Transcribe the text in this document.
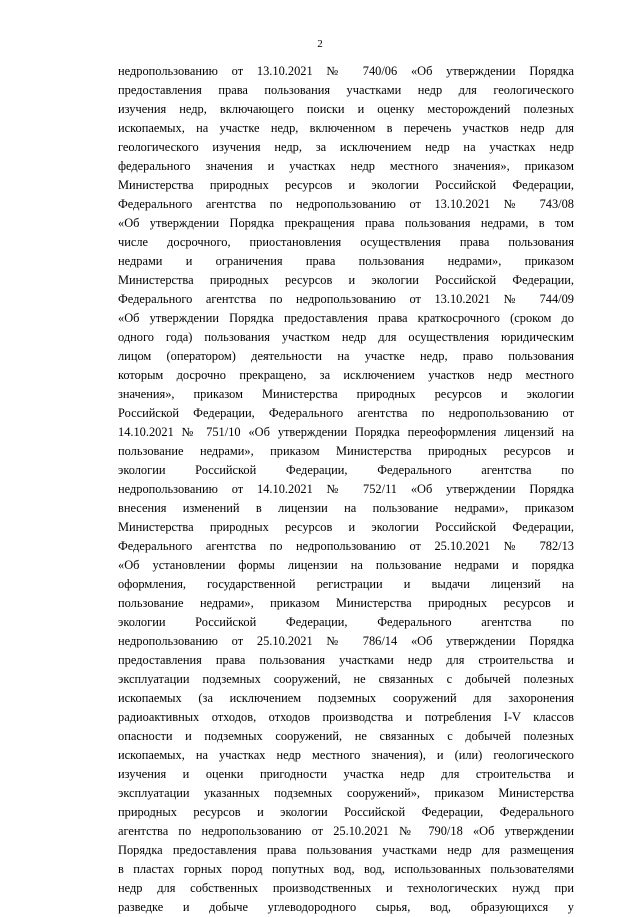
2
недропользованию от 13.10.2021 № 740/06 «Об утверждении Порядка
предоставления права пользования участками недр для геологического
изучения недр, включающего поиски и оценку месторождений полезных
ископаемых, на участке недр, включенном в перечень участков недр для
геологического изучения недр, за исключением недр на участках недр
федерального значения и участках недр местного значения», приказом
Министерства природных ресурсов и экологии Российской Федерации,
Федерального агентства по недропользованию от 13.10.2021 № 743/08
«Об утверждении Порядка прекращения права пользования недрами, в том
числе досрочного, приостановления осуществления права пользования
недрами и ограничения права пользования недрами», приказом
Министерства природных ресурсов и экологии Российской Федерации,
Федерального агентства по недропользованию от 13.10.2021 № 744/09
«Об утверждении Порядка предоставления права краткосрочного (сроком до
одного года) пользования участком недр для осуществления юридическим
лицом (оператором) деятельности на участке недр, право пользования
которым досрочно прекращено, за исключением участков недр местного
значения», приказом Министерства природных ресурсов и экологии
Российской Федерации, Федерального агентства по недропользованию от
14.10.2021 № 751/10 «Об утверждении Порядка переоформления лицензий на
пользование недрами», приказом Министерства природных ресурсов и
экологии Российской Федерации, Федерального агентства по
недропользованию от 14.10.2021 № 752/11 «Об утверждении Порядка
внесения изменений в лицензии на пользование недрами», приказом
Министерства природных ресурсов и экологии Российской Федерации,
Федерального агентства по недропользованию от 25.10.2021 № 782/13
«Об установлении формы лицензии на пользование недрами и порядка
оформления, государственной регистрации и выдачи лицензий на
пользование недрами», приказом Министерства природных ресурсов и
экологии Российской Федерации, Федерального агентства по
недропользованию от 25.10.2021 № 786/14 «Об утверждении Порядка
предоставления права пользования участками недр для строительства и
эксплуатации подземных сооружений, не связанных с добычей полезных
ископаемых (за исключением подземных сооружений для захоронения
радиоактивных отходов, отходов производства и потребления I-V классов
опасности и подземных сооружений, не связанных с добычей полезных
ископаемых, на участках недр местного значения), и (или) геологического
изучения и оценки пригодности участка недр для строительства и
эксплуатации указанных подземных сооружений», приказом Министерства
природных ресурсов и экологии Российской Федерации, Федерального
агентства по недропользованию от 25.10.2021 № 790/18 «Об утверждении
Порядка предоставления права пользования участками недр для размещения
в пластах горных пород попутных вод, вод, использованных пользователями
недр для собственных производственных и технологических нужд при
разведке и добыче углеводородного сырья, вод, образующихся у
